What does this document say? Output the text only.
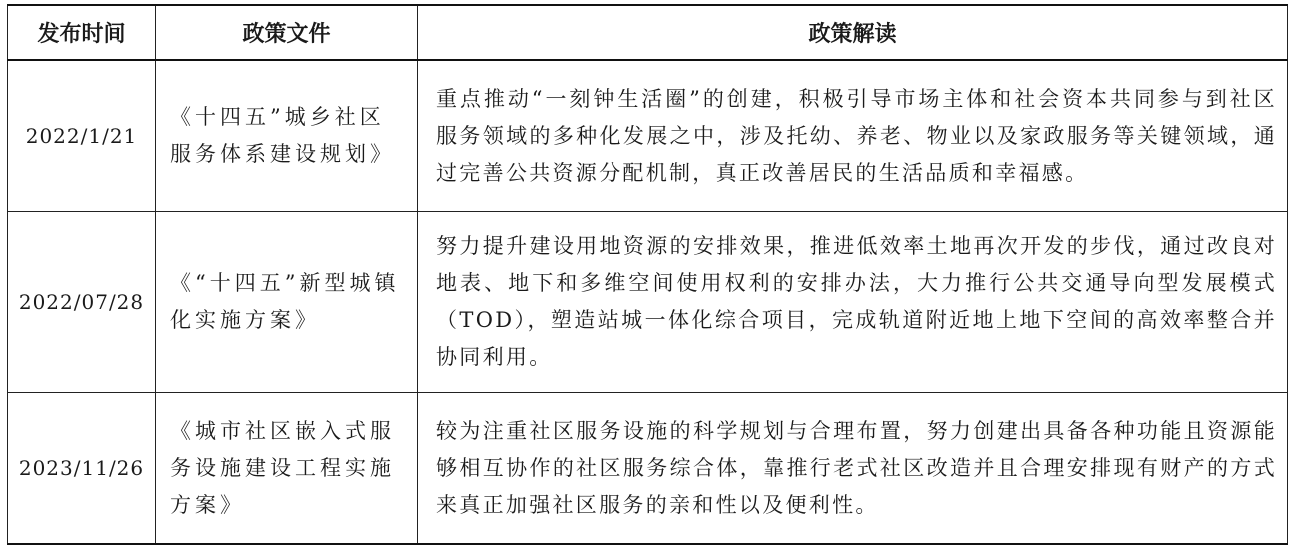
发布时间	政策文件	政策解读
2022/1/21	《十四五”城乡社区服务体系建设规划》	重点推动“一刻钟生活圈”的创建，积极引导市场主体和社会资本共同参与到社区服务领域的多种化发展之中，涉及托幼、养老、物业以及家政服务等关键领域，通过完善公共资源分配机制，真正改善居民的生活品质和幸福感。
2022/07/28	《“十四五”新型城镇化实施方案》	努力提升建设用地资源的安排效果，推进低效率土地再次开发的步伐，通过改良对地表、地下和多维空间使用权利的安排办法，大力推行公共交通导向型发展模式（TOD），塑造站城一体化综合项目，完成轨道附近地上地下空间的高效率整合并协同利用。
2023/11/26	《城市社区嵌入式服务设施建设工程实施方案》	较为注重社区服务设施的科学规划与合理布置，努力创建出具备各种功能且资源能够相互协作的社区服务综合体，靠推行老式社区改造并且合理安排现有财产的方式来真正加强社区服务的亲和性以及便利性。
